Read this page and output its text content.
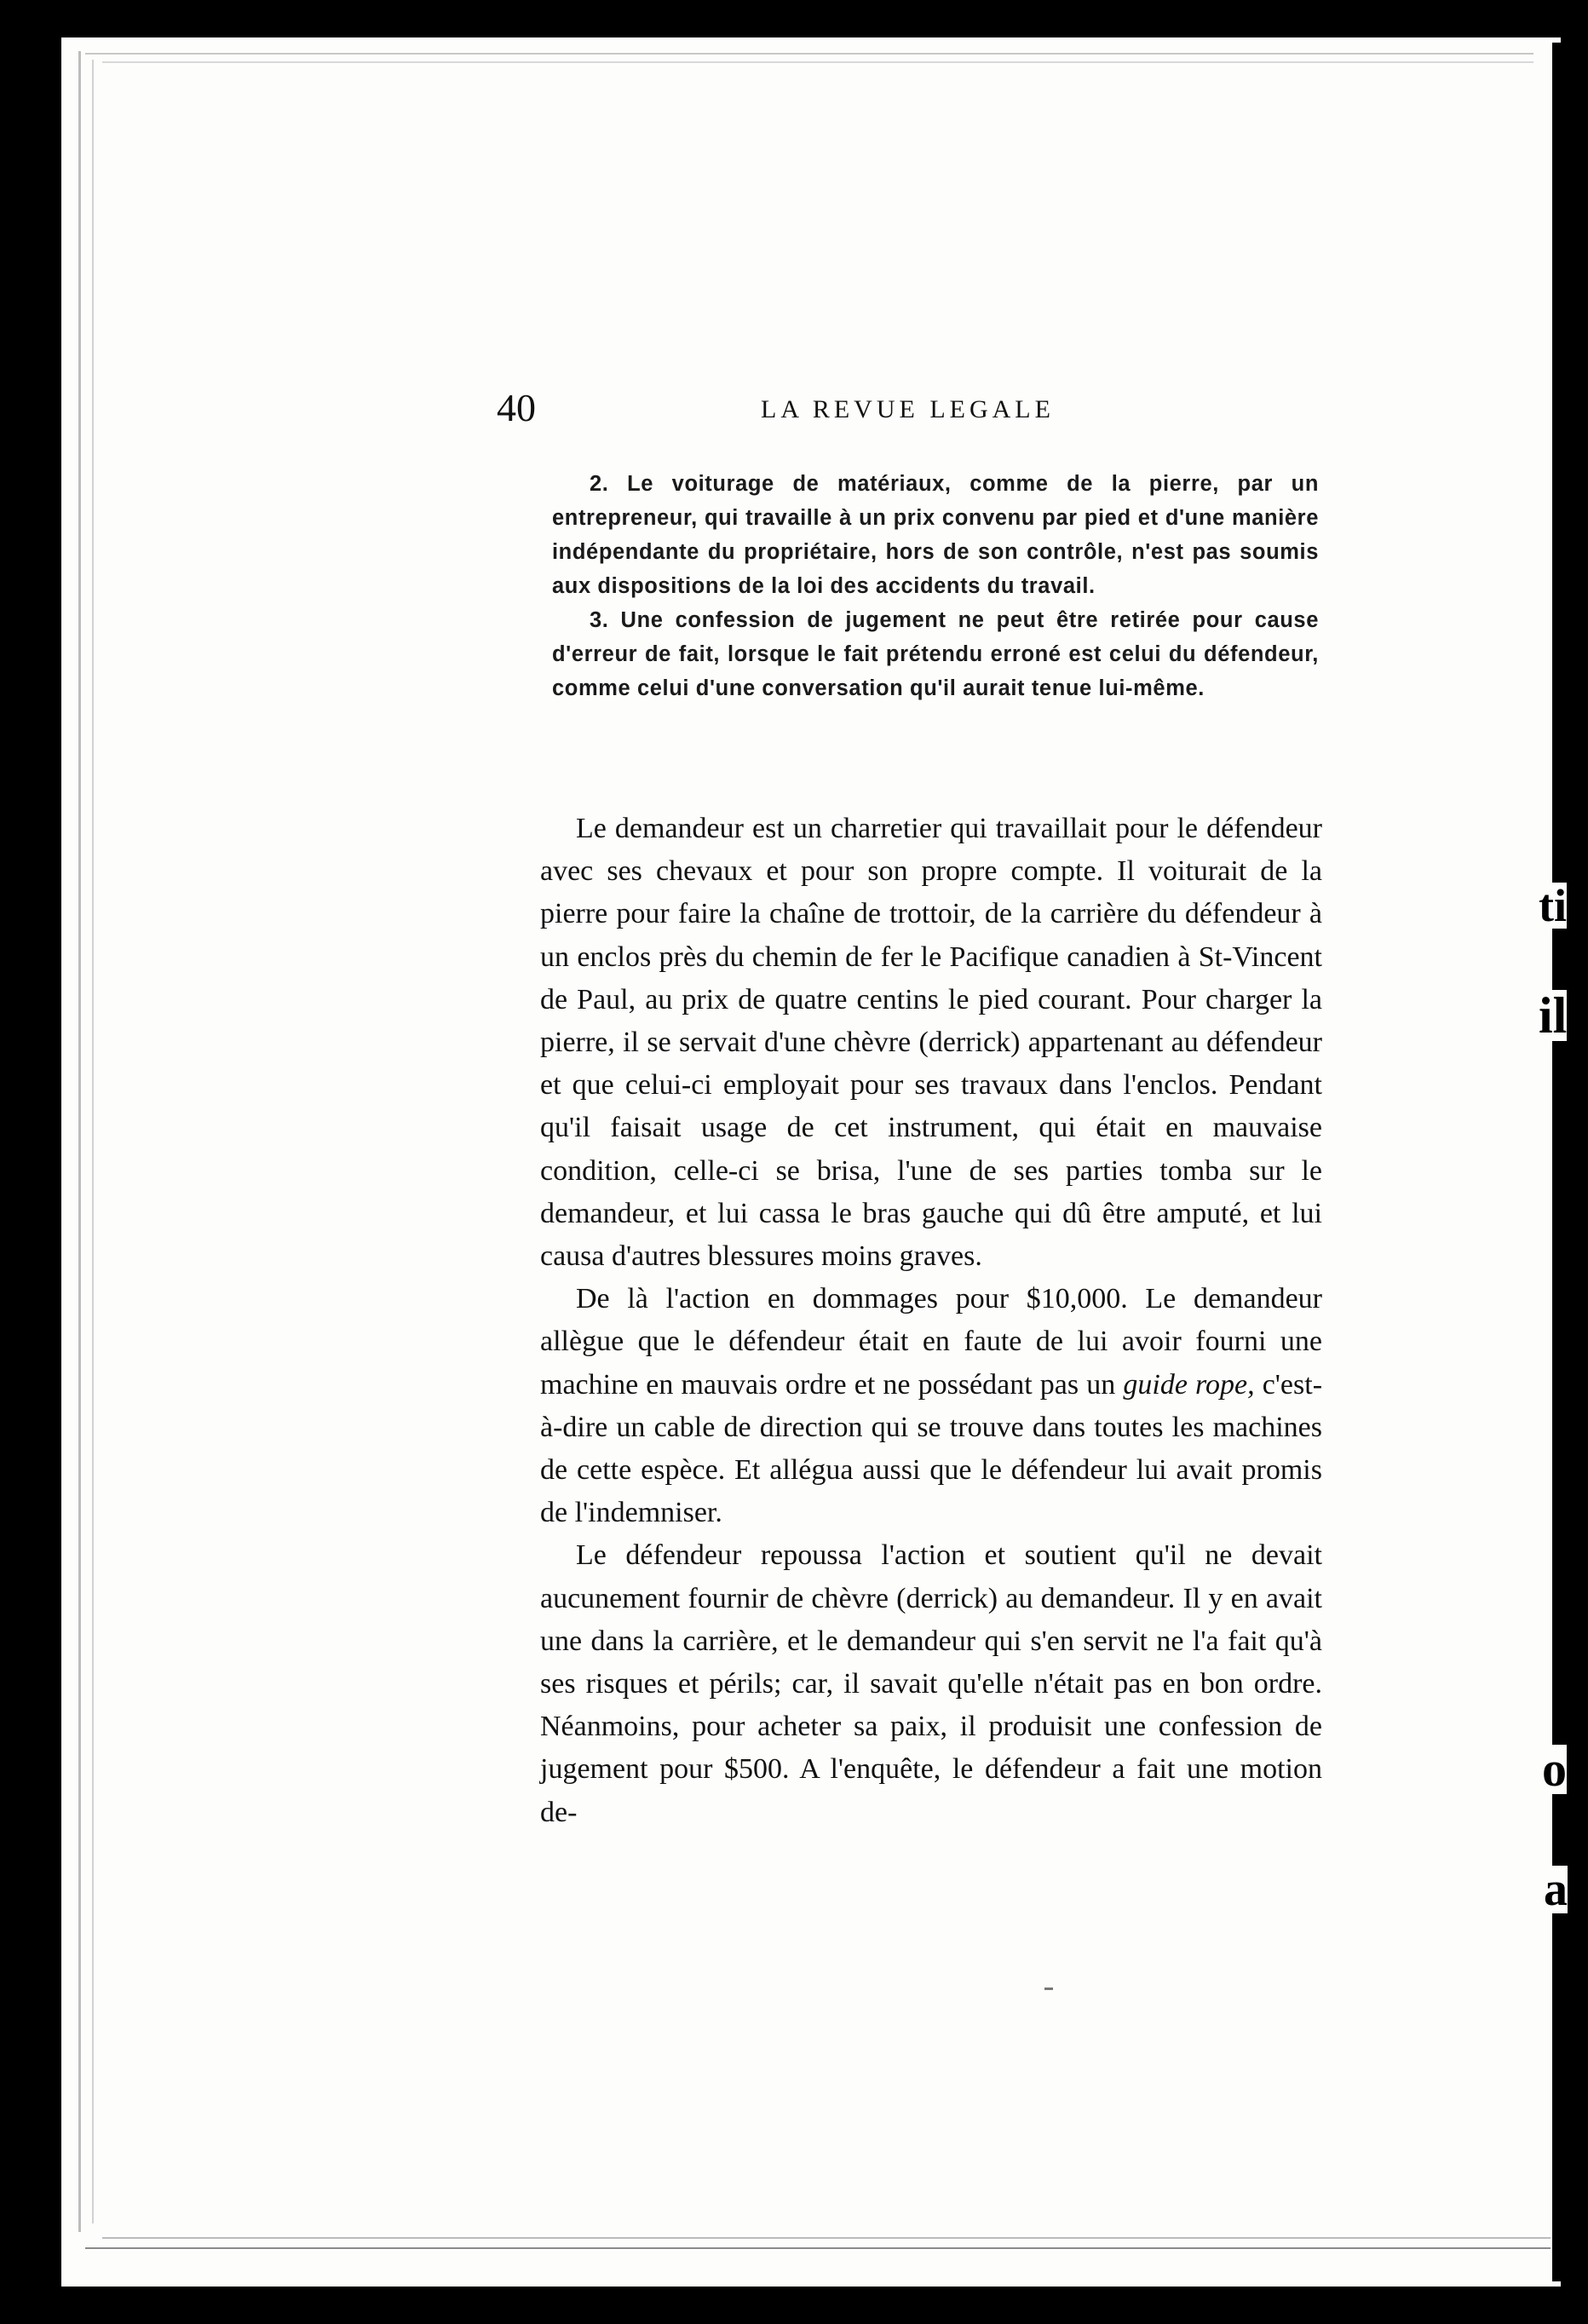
ti
il
o
a
40	LA REVUE LEGALE

2. Le voiturage de matériaux, comme de la pierre, par un entrepreneur, qui travaille à un prix convenu par pied et d'une manière indépendante du propriétaire, hors de son contrôle, n'est pas soumis aux dispositions de la loi des accidents du travail.

3. Une confession de jugement ne peut être retirée pour cause d'erreur de fait, lorsque le fait prétendu erroné est celui du défendeur, comme celui d'une conversation qu'il aurait tenue lui-même.

Le demandeur est un charretier qui travaillait pour le défendeur avec ses chevaux et pour son propre compte. Il voiturait de la pierre pour faire la chaîne de trottoir, de la carrière du défendeur à un enclos près du chemin de fer le Pacifique canadien à St-Vincent de Paul, au prix de quatre centins le pied courant. Pour charger la pierre, il se servait d'une chèvre (derrick) appartenant au défendeur et que celui-ci employait pour ses travaux dans l'enclos. Pendant qu'il faisait usage de cet instrument, qui était en mauvaise condition, celle-ci se brisa, l'une de ses parties tomba sur le demandeur, et lui cassa le bras gauche qui dû être amputé, et lui causa d'autres blessures moins graves.

De là l'action en dommages pour $10,000. Le demandeur allègue que le défendeur était en faute de lui avoir fourni une machine en mauvais ordre et ne possédant pas un guide rope, c'est-à-dire un cable de direction qui se trouve dans toutes les machines de cette espèce. Et allégua aussi que le défendeur lui avait promis de l'indemniser.

Le défendeur repoussa l'action et soutient qu'il ne devait aucunement fournir de chèvre (derrick) au demandeur. Il y en avait une dans la carrière, et le demandeur qui s'en servit ne l'a fait qu'à ses risques et périls; car, il savait qu'elle n'était pas en bon ordre. Néanmoins, pour acheter sa paix, il produisit une confession de jugement pour $500. A l'enquête, le défendeur a fait une motion de-
